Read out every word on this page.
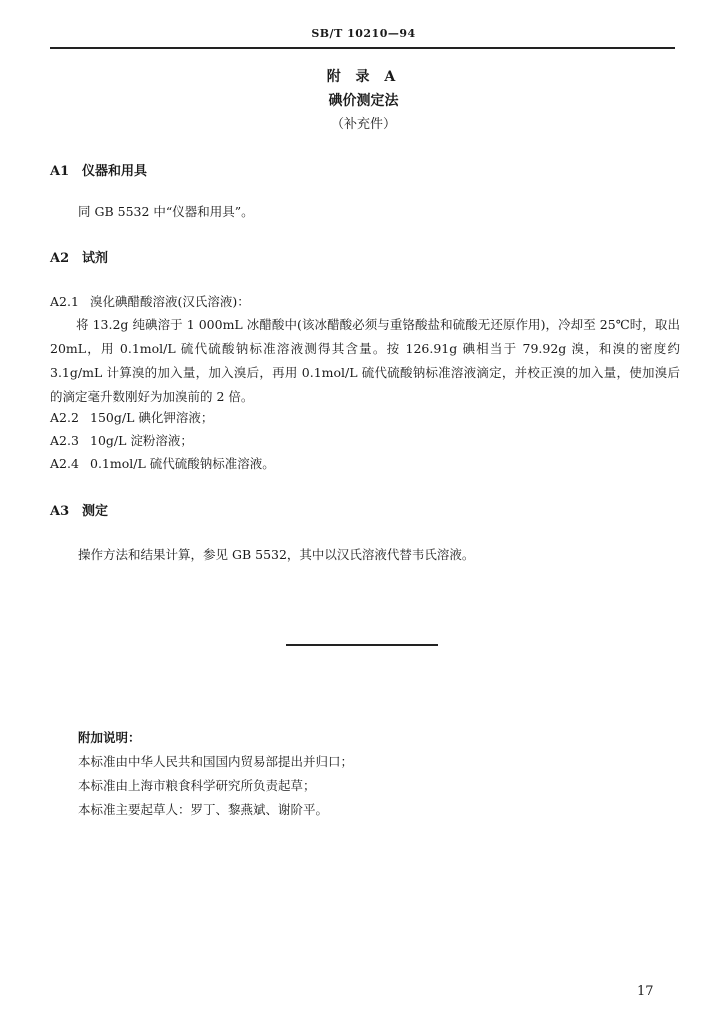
SB/T 10210—94
附 录 A
碘价测定法
（补充件）
A1 仪器和用具
同 GB 5532 中“仪器和用具”。
A2 试剂
A2.1 溴化碘醋酸溶液(汉氏溶液)：
将 13.2g 纯碘溶于 1 000mL 冰醋酸中(该冰醋酸必须与重铬酸盐和硫酸无还原作用)，冷却至 25℃时，取出 20mL，用 0.1mol/L 硫代硫酸钠标准溶液测得其含量。按 126.91g 碘相当于 79.92g 溴，和溴的密度约 3.1g/mL 计算溴的加入量，加入溴后，再用 0.1mol/L 硫代硫酸钠标准溶液滴定，并校正溴的加入量，使加溴后的滴定毫升数刚好为加溴前的 2 倍。
A2.2 150g/L 碘化钾溶液；
A2.3 10g/L 淀粉溶液；
A2.4 0.1mol/L 硫代硫酸钠标准溶液。
A3 测定
操作方法和结果计算，参见 GB 5532，其中以汉氏溶液代替韦氏溶液。
附加说明：
本标准由中华人民共和国国内贸易部提出并归口；
本标准由上海市粮食科学研究所负责起草；
本标准主要起草人：罗丁、黎燕斌、谢阶平。
17
